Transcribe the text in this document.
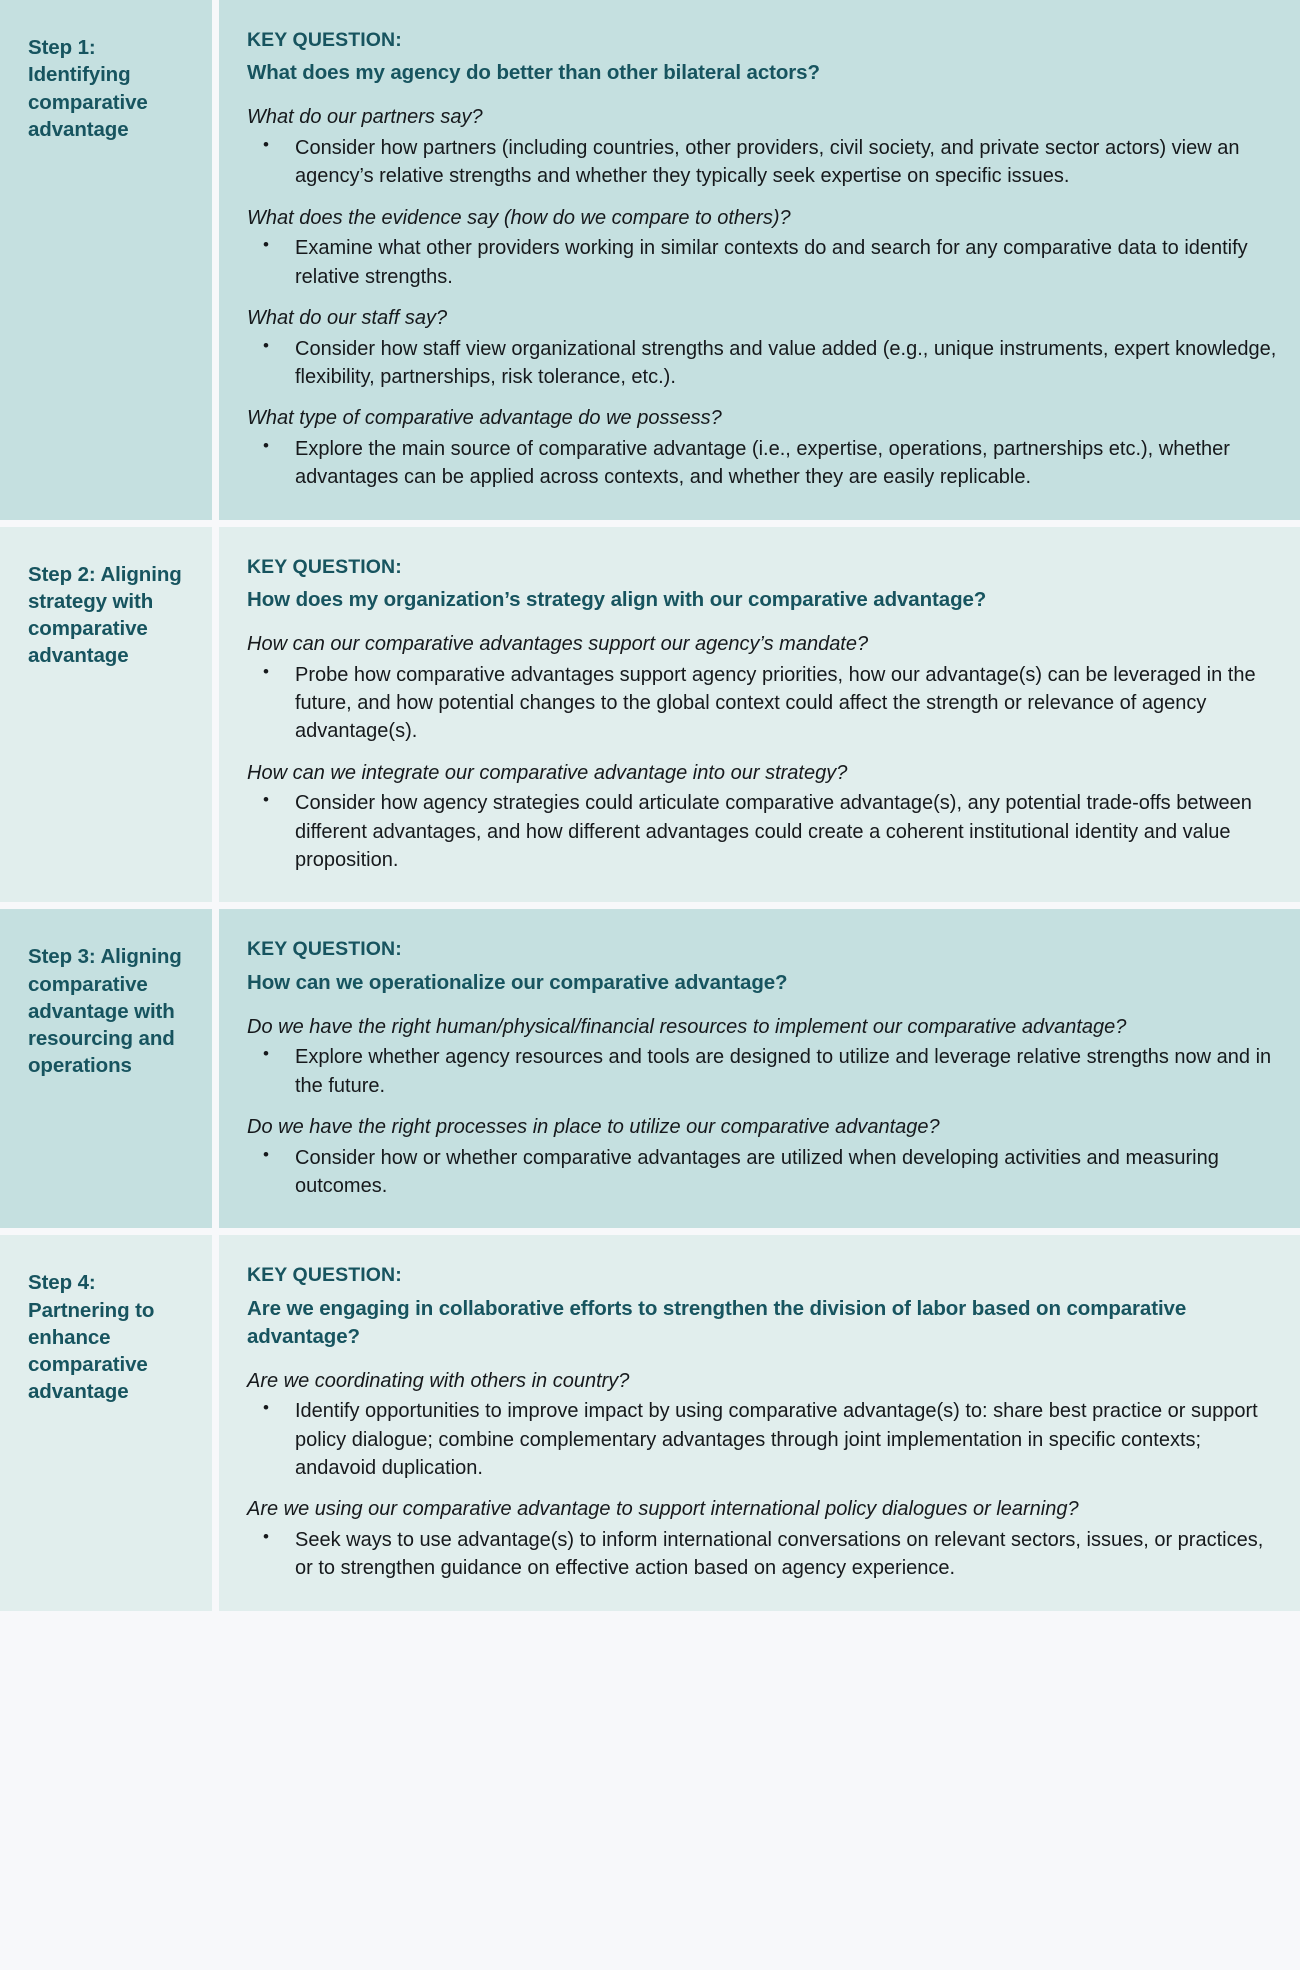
Step 1: Identifying comparative advantage
KEY QUESTION:
What does my agency do better than other bilateral actors?
What do our partners say?
• Consider how partners (including countries, other providers, civil society, and private sector actors) view an agency’s relative strengths and whether they typically seek expertise on specific issues.
What does the evidence say (how do we compare to others)?
• Examine what other providers working in similar contexts do and search for any comparative data to identify relative strengths.
What do our staff say?
• Consider how staff view organizational strengths and value added (e.g., unique instruments, expert knowledge, flexibility, partnerships, risk tolerance, etc.).
What type of comparative advantage do we possess?
• Explore the main source of comparative advantage (i.e., expertise, operations, partnerships etc.), whether advantages can be applied across contexts, and whether they are easily replicable.
Step 2: Aligning strategy with comparative advantage
KEY QUESTION:
How does my organization’s strategy align with our comparative advantage?
How can our comparative advantages support our agency’s mandate?
• Probe how comparative advantages support agency priorities, how our advantage(s) can be leveraged in the future, and how potential changes to the global context could affect the strength or relevance of agency advantage(s).
How can we integrate our comparative advantage into our strategy?
• Consider how agency strategies could articulate comparative advantage(s), any potential trade-offs between different advantages, and how different advantages could create a coherent institutional identity and value proposition.
Step 3: Aligning comparative advantage with resourcing and operations
KEY QUESTION:
How can we operationalize our comparative advantage?
Do we have the right human/physical/financial resources to implement our comparative advantage?
• Explore whether agency resources and tools are designed to utilize and leverage relative strengths now and in the future.
Do we have the right processes in place to utilize our comparative advantage?
• Consider how or whether comparative advantages are utilized when developing activities and measuring outcomes.
Step 4: Partnering to enhance comparative advantage
KEY QUESTION:
Are we engaging in collaborative efforts to strengthen the division of labor based on comparative advantage?
Are we coordinating with others in country?
• Identify opportunities to improve impact by using comparative advantage(s) to: share best practice or support policy dialogue; combine complementary advantages through joint implementation in specific contexts; andavoid duplication.
Are we using our comparative advantage to support international policy dialogues or learning?
• Seek ways to use advantage(s) to inform international conversations on relevant sectors, issues, or practices, or to strengthen guidance on effective action based on agency experience.
